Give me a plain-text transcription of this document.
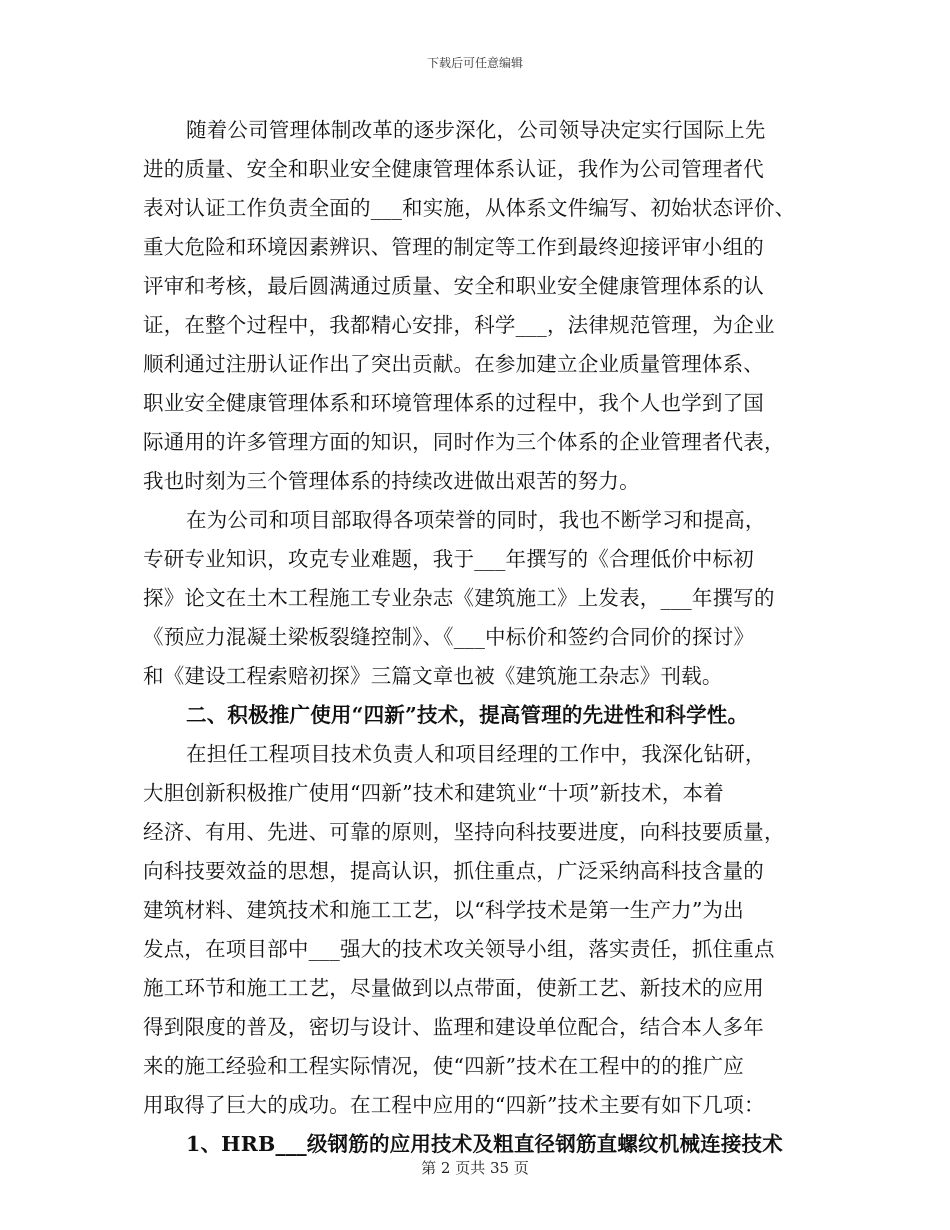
下载后可任意编辑
随着公司管理体制改革的逐步深化，公司领导决定实行国际上先
进的质量、安全和职业安全健康管理体系认证，我作为公司管理者代
表对认证工作负责全面的___和实施，从体系文件编写、初始状态评价、
重大危险和环境因素辨识、管理的制定等工作到最终迎接评审小组的
评审和考核，最后圆满通过质量、安全和职业安全健康管理体系的认
证，在整个过程中，我都精心安排，科学___，法律规范管理，为企业
顺利通过注册认证作出了突出贡献。在参加建立企业质量管理体系、
职业安全健康管理体系和环境管理体系的过程中，我个人也学到了国
际通用的许多管理方面的知识，同时作为三个体系的企业管理者代表，
我也时刻为三个管理体系的持续改进做出艰苦的努力。
在为公司和项目部取得各项荣誉的同时，我也不断学习和提高，
专研专业知识，攻克专业难题，我于___年撰写的《合理低价中标初
探》论文在土木工程施工专业杂志《建筑施工》上发表，___年撰写的
《预应力混凝土梁板裂缝控制》、《___中标价和签约合同价的探讨》
和《建设工程索赔初探》三篇文章也被《建筑施工杂志》刊载。
二、积极推广使用“四新”技术，提高管理的先进性和科学性。
在担任工程项目技术负责人和项目经理的工作中，我深化钻研，
大胆创新积极推广使用“四新”技术和建筑业“十项”新技术，本着
经济、有用、先进、可靠的原则，坚持向科技要进度，向科技要质量，
向科技要效益的思想，提高认识，抓住重点，广泛采纳高科技含量的
建筑材料、建筑技术和施工工艺，以“科学技术是第一生产力”为出
发点，在项目部中___强大的技术攻关领导小组，落实责任，抓住重点
施工环节和施工工艺，尽量做到以点带面，使新工艺、新技术的应用
得到限度的普及，密切与设计、监理和建设单位配合，结合本人多年
来的施工经验和工程实际情况，使“四新”技术在工程中的的推广应
用取得了巨大的成功。在工程中应用的“四新”技术主要有如下几项：
1、HRB___级钢筋的应用技术及粗直径钢筋直螺纹机械连接技术
第 2 页共 35 页
